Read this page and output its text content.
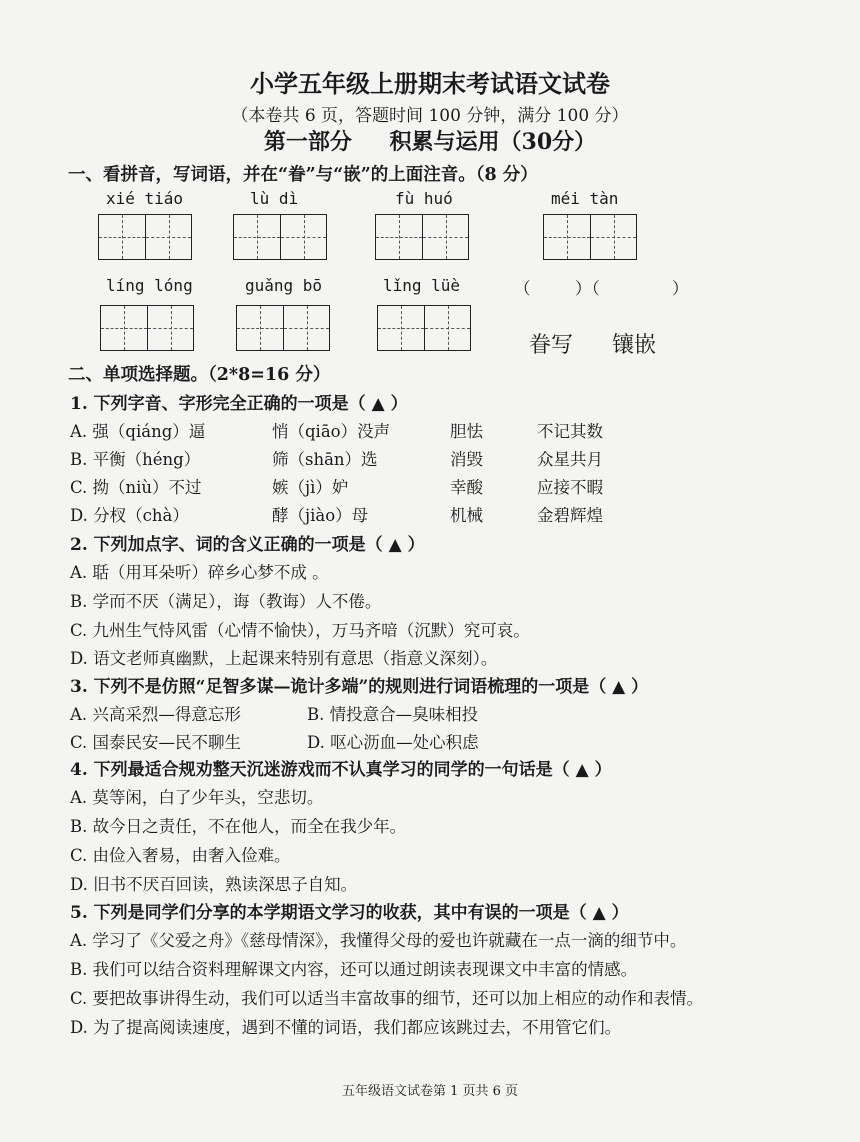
小学五年级上册期末考试语文试卷
（本卷共 6 页，答题时间 100 分钟，满分 100 分）
第一部分 积累与运用（30分）
一、看拼音，写词语，并在“眷”与“嵌”的上面注音。（8 分）
xié tiáo	lù dì	fù huó	méi tàn
líng lóng	guǎng bō	lǐng lüè	（	）（	）
眷写 镶嵌
二、单项选择题。（2*8=16 分）
1. 下列字音、字形完全正确的一项是（ ▲ ）
A. 强（qiáng）逼	悄（qiāo）没声	胆怯	不记其数
B. 平衡（héng）	筛（shān）选	消毁	众星共月
C. 拗（niù）不过	嫉（jì）妒	幸酸	应接不暇
D. 分杈（chà）	酵（jiào）母	机械	金碧辉煌
2. 下列加点字、词的含义正确的一项是（ ▲ ）
A. 聒（用耳朵听）碎乡心梦不成 。
B. 学而不厌（满足），诲（教诲）人不倦。
C. 九州生气恃风雷（心情不愉快），万马齐喑（沉默）究可哀。
D. 语文老师真幽默，上起课来特别有意思（指意义深刻）。
3. 下列不是仿照“足智多谋—诡计多端”的规则进行词语梳理的一项是（ ▲ ）
A. 兴高采烈—得意忘形	B. 情投意合—臭味相投
C. 国泰民安—民不聊生	D. 呕心沥血—处心积虑
4. 下列最适合规劝整天沉迷游戏而不认真学习的同学的一句话是（ ▲ ）
A. 莫等闲，白了少年头，空悲切。
B. 故今日之责任，不在他人，而全在我少年。
C. 由俭入奢易，由奢入俭难。
D. 旧书不厌百回读，熟读深思子自知。
5. 下列是同学们分享的本学期语文学习的收获，其中有误的一项是（ ▲ ）
A. 学习了《父爱之舟》《慈母情深》，我懂得父母的爱也许就藏在一点一滴的细节中。
B. 我们可以结合资料理解课文内容，还可以通过朗读表现课文中丰富的情感。
C. 要把故事讲得生动，我们可以适当丰富故事的细节，还可以加上相应的动作和表情。
D. 为了提高阅读速度，遇到不懂的词语，我们都应该跳过去，不用管它们。
五年级语文试卷第 1 页共 6 页
